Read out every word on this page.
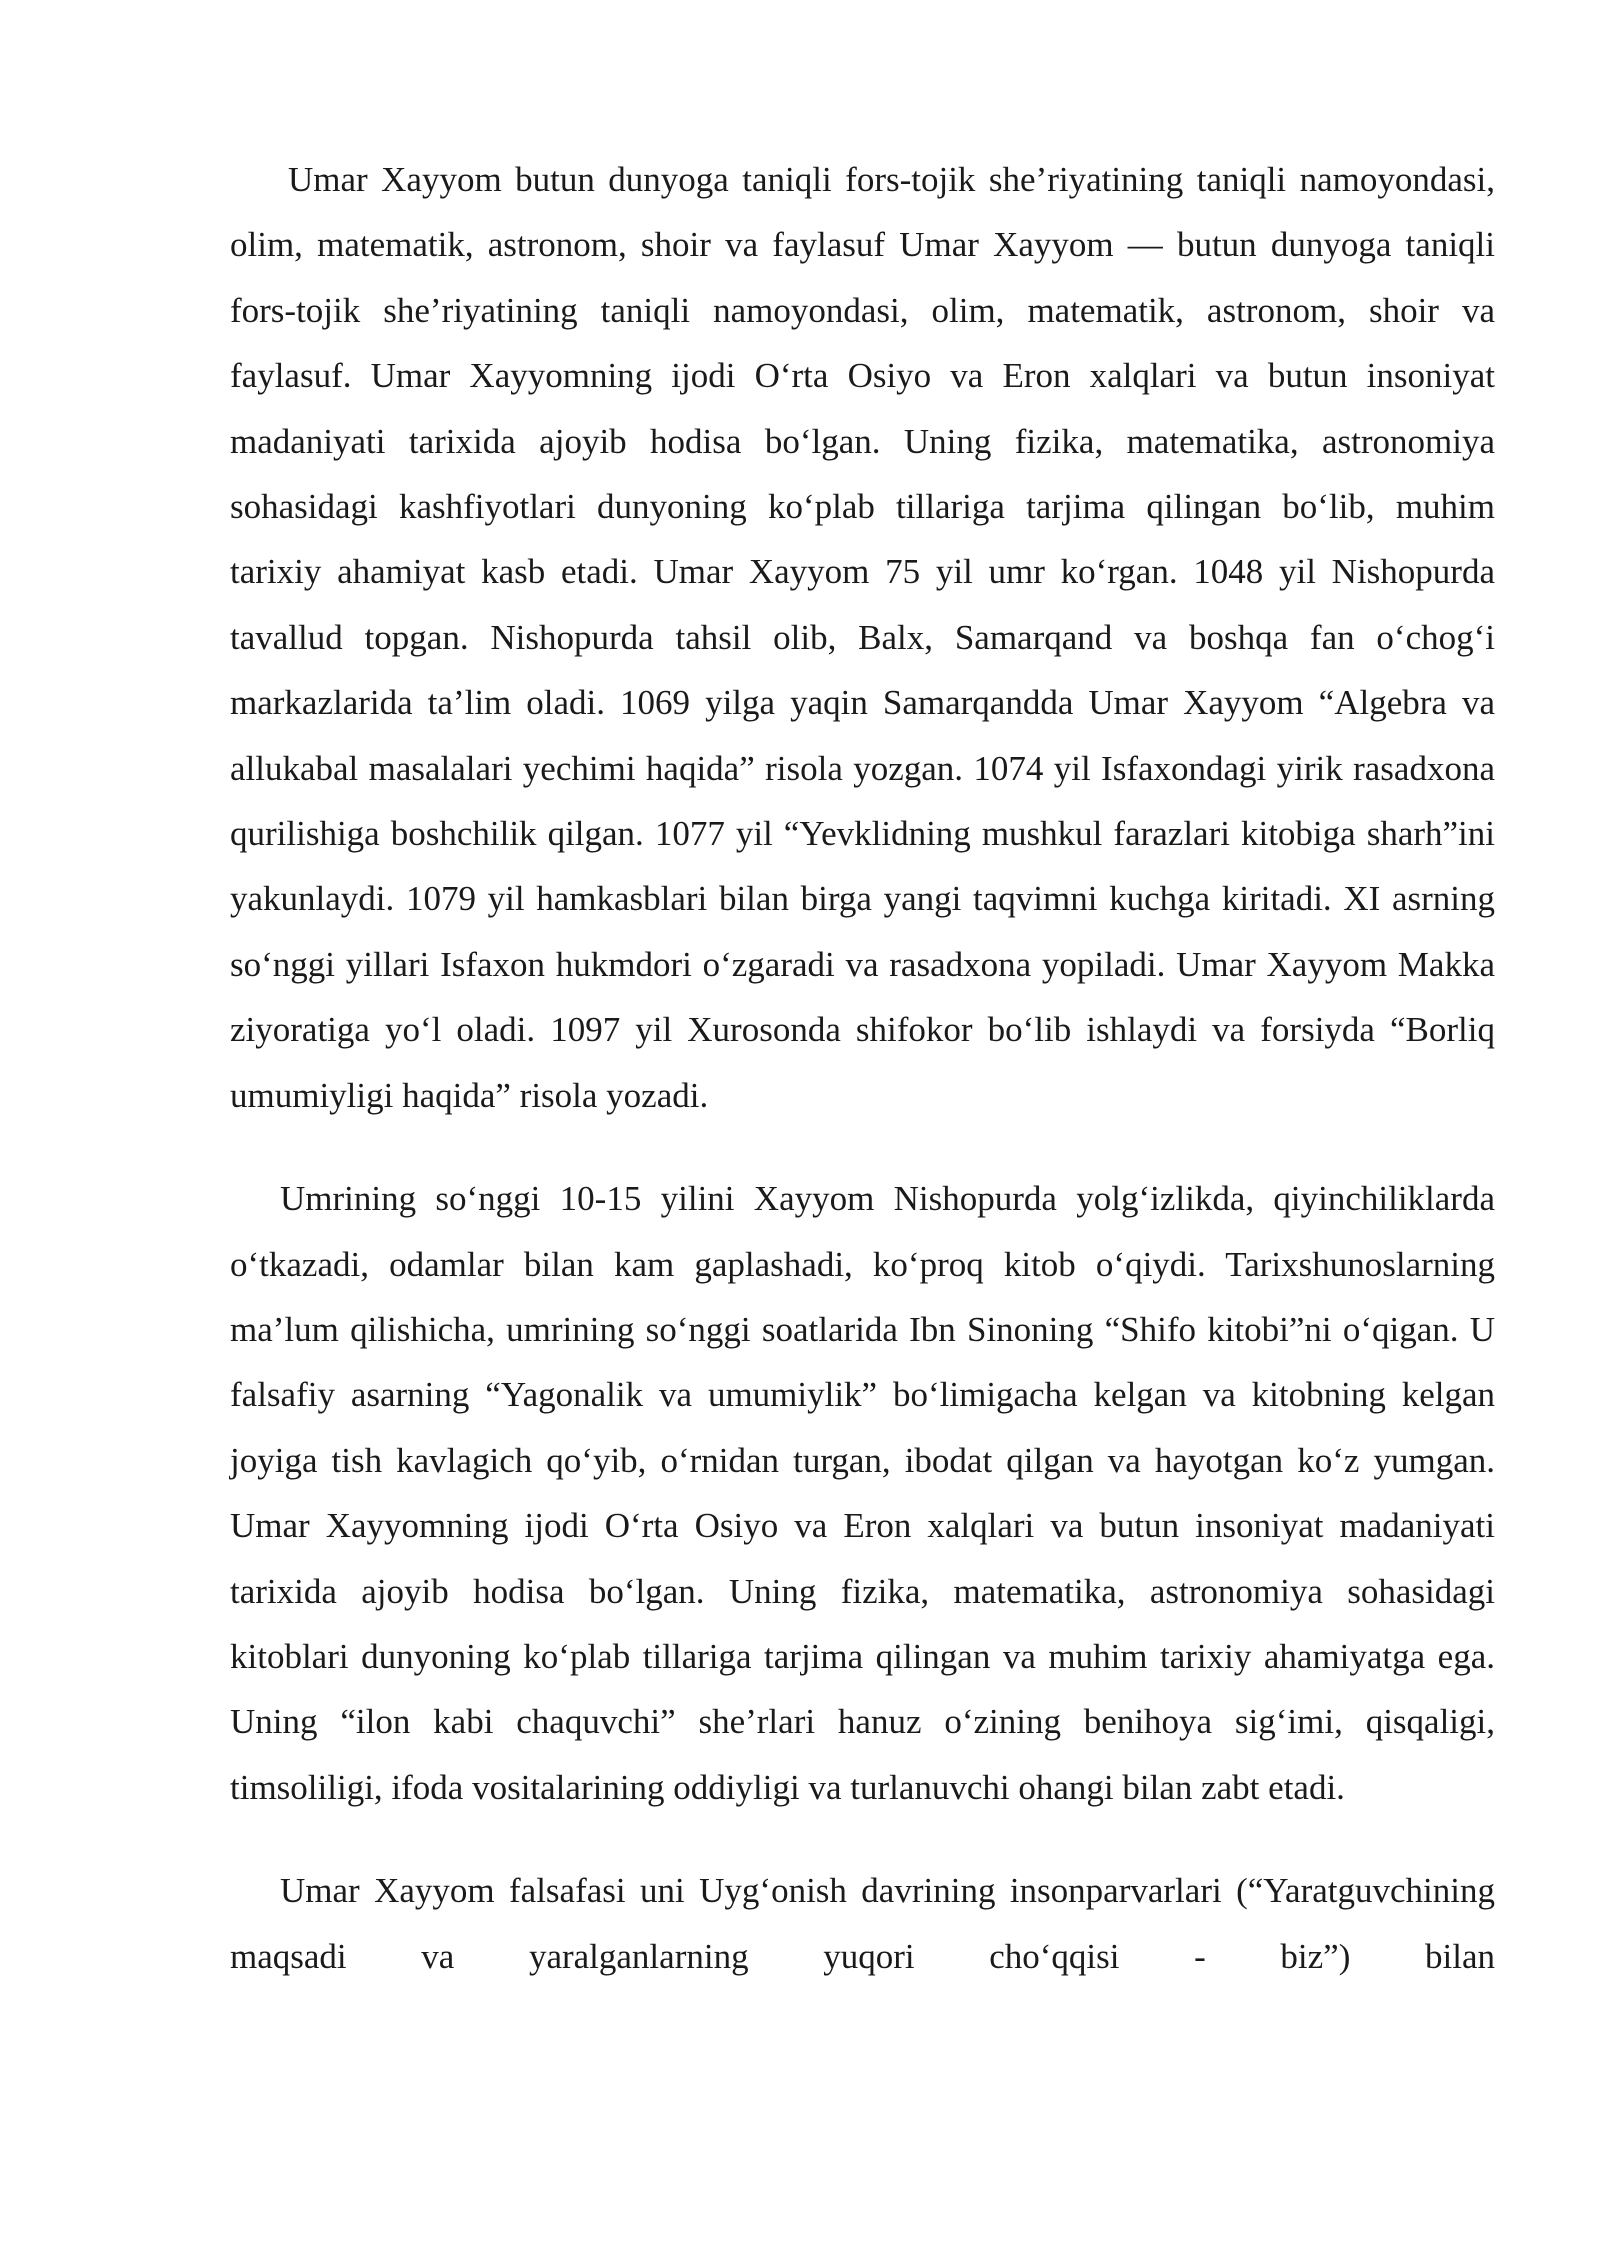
Umar Xayyom butun dunyoga taniqli fors-tojik she’riyatining taniqli namoyondasi, olim, matematik, astronom, shoir va faylasuf Umar Xayyom — butun dunyoga taniqli fors-tojik she’riyatining taniqli namoyondasi, olim, matematik, astronom, shoir va faylasuf. Umar Xayyomning ijodi O‘rta Osiyo va Eron xalqlari va butun insoniyat madaniyati tarixida ajoyib hodisa bo‘lgan. Uning fizika, matematika, astronomiya sohasidagi kashfiyotlari dunyoning ko‘plab tillariga tarjima qilingan bo‘lib, muhim tarixiy ahamiyat kasb etadi. Umar Xayyom 75 yil umr ko‘rgan. 1048 yil Nishopurda tavallud topgan. Nishopurda tahsil olib, Balx, Samarqand va boshqa fan o‘chog‘i markazlarida ta’lim oladi. 1069 yilga yaqin Samarqandda Umar Xayyom “Algebra va allukabal masalalari yechimi haqida” risola yozgan. 1074 yil Isfaxondagi yirik rasadxona qurilishiga boshchilik qilgan. 1077 yil “Yevklidning mushkul farazlari kitobiga sharh”ini yakunlaydi. 1079 yil hamkasblari bilan birga yangi taqvimni kuchga kiritadi. XI asrning so‘nggi yillari Isfaxon hukmdori o‘zgaradi va rasadxona yopiladi. Umar Xayyom Makka ziyoratiga yo‘l oladi. 1097 yil Xurosonda shifokor bo‘lib ishlaydi va forsiyda “Borliq umumiyligi haqida” risola yozadi.

Umrining so‘nggi 10-15 yilini Xayyom Nishopurda yolg‘izlikda, qiyinchiliklarda o‘tkazadi, odamlar bilan kam gaplashadi, ko‘proq kitob o‘qiydi. Tarixshunoslarning ma’lum qilishicha, umrining so‘nggi soatlarida Ibn Sinoning “Shifo kitobi”ni o‘qigan. U falsafiy asarning “Yagonalik va umumiylik” bo‘limigacha kelgan va kitobning kelgan joyiga tish kavlagich qo‘yib, o‘rnidan turgan, ibodat qilgan va hayotgan ko‘z yumgan. Umar Xayyomning ijodi O‘rta Osiyo va Eron xalqlari va butun insoniyat madaniyati tarixida ajoyib hodisa bo‘lgan. Uning fizika, matematika, astronomiya sohasidagi kitoblari dunyoning ko‘plab tillariga tarjima qilingan va muhim tarixiy ahamiyatga ega. Uning “ilon kabi chaquvchi” she’rlari hanuz o‘zining benihoya sig‘imi, qisqaligi, timsoliligi, ifoda vositalarining oddiyligi va turlanuvchi ohangi bilan zabt etadi.

Umar Xayyom falsafasi uni Uyg‘onish davrining insonparvarlari (“Yaratguvchining maqsadi va yaralganlarning yuqori cho‘qqisi - biz”) bilan
